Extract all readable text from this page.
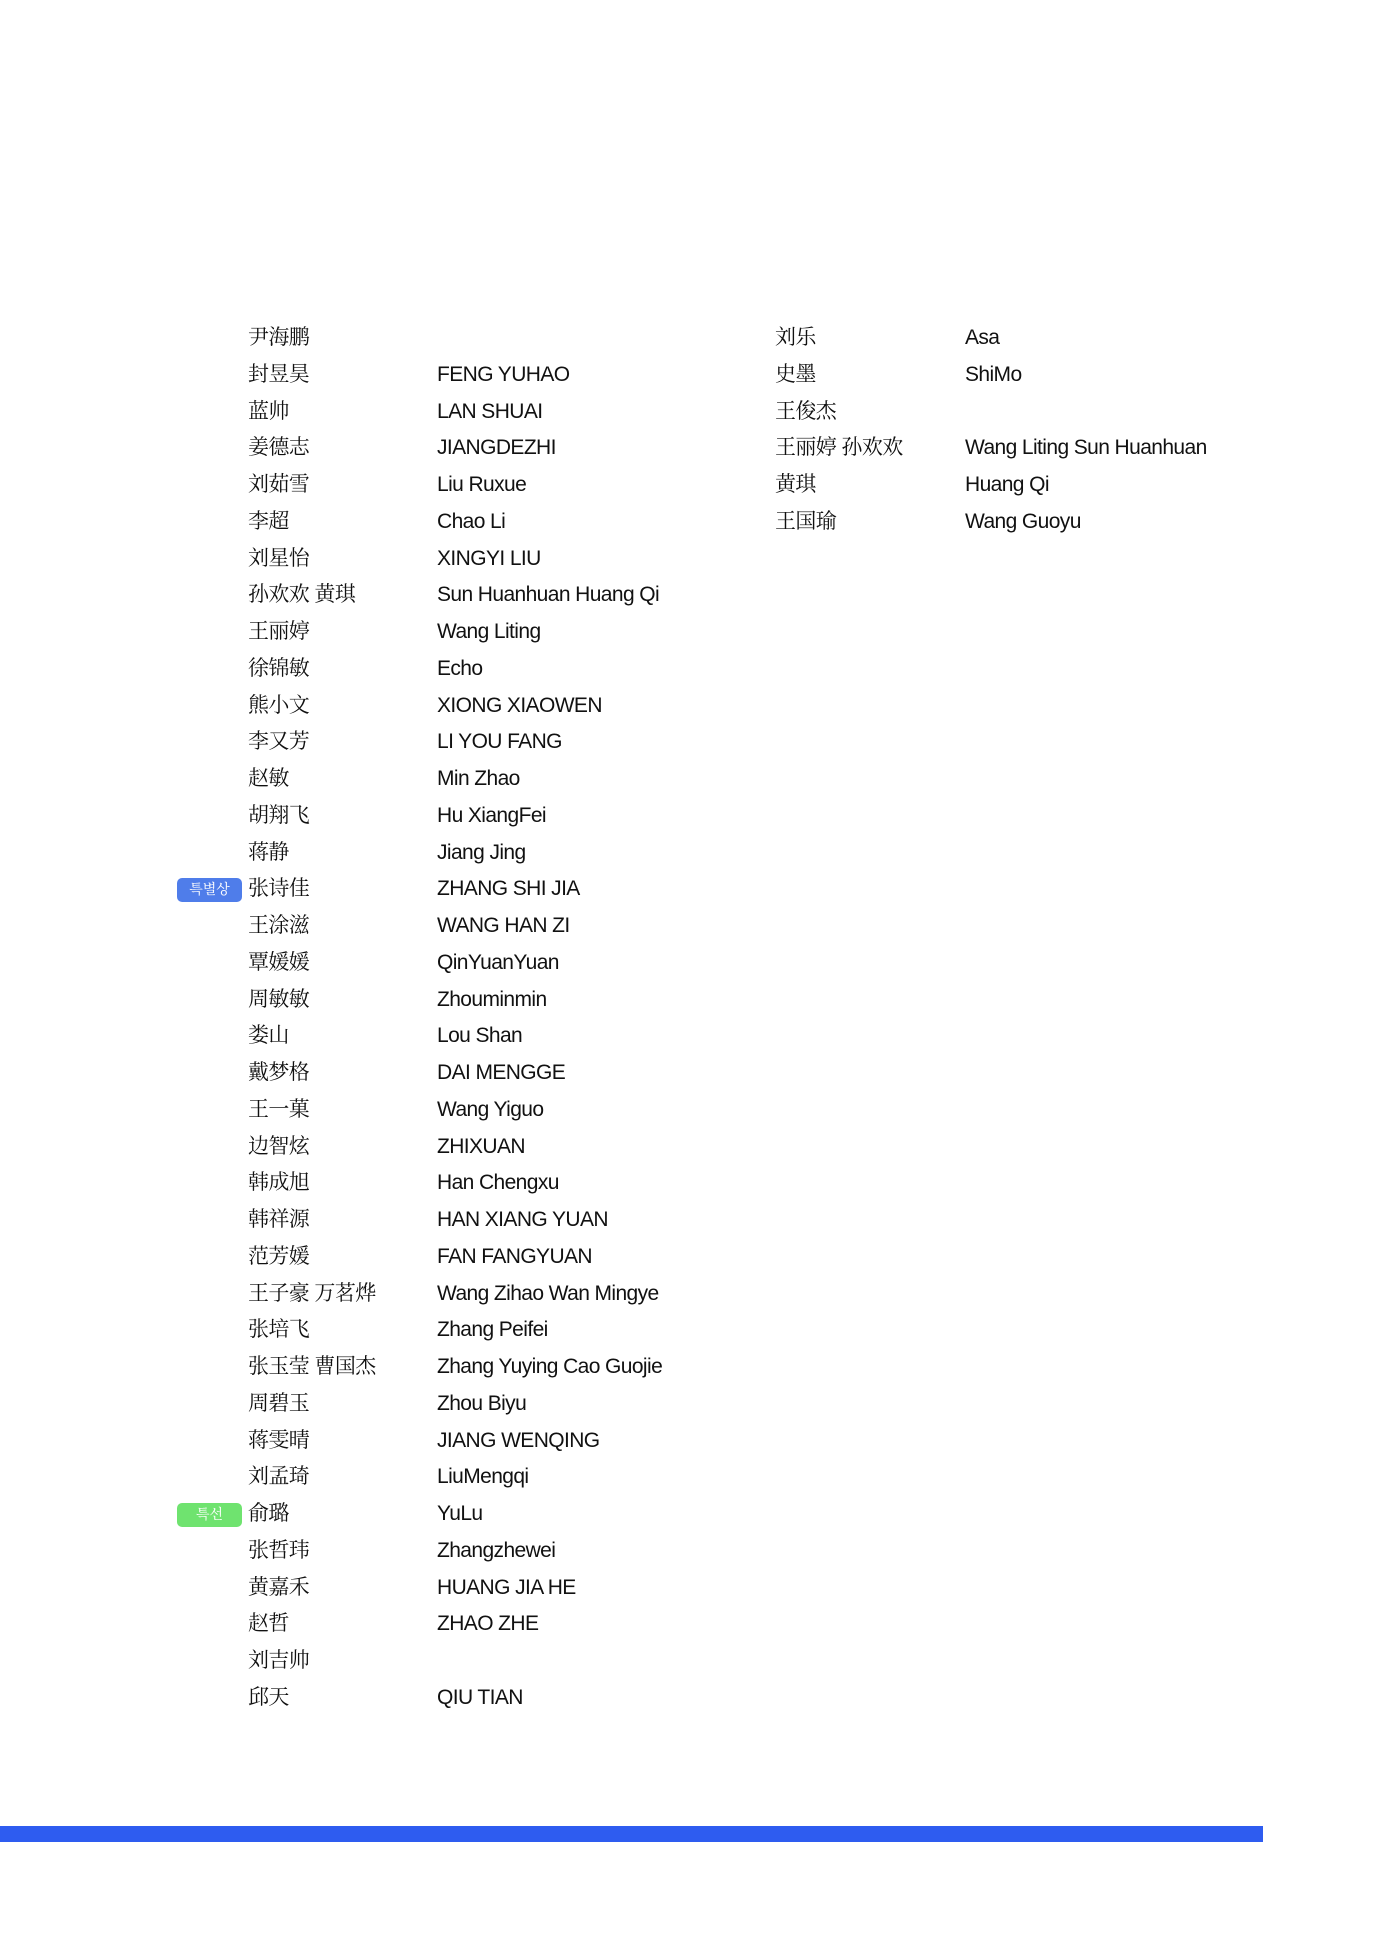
尹海鹏
封昱昊	FENG YUHAO
蓝帅	LAN SHUAI
姜德志	JIANGDEZHI
刘茹雪	Liu Ruxue
李超	Chao Li
刘星怡	XINGYI LIU
孙欢欢 黄琪	Sun Huanhuan Huang Qi
王丽婷	Wang Liting
徐锦敏	Echo
熊小文	XIONG XIAOWEN
李又芳	LI YOU FANG
赵敏	Min Zhao
胡翔飞	Hu XiangFei
蒋静	Jiang Jing
특별상 张诗佳	ZHANG SHI JIA
王涂滋	WANG HAN ZI
覃媛媛	QinYuanYuan
周敏敏	Zhouminmin
娄山	Lou Shan
戴梦格	DAI MENGGE
王一菓	Wang Yiguo
边智炫	ZHIXUAN
韩成旭	Han Chengxu
韩祥源	HAN XIANG YUAN
范芳媛	FAN FANGYUAN
王子豪 万茗烨	Wang Zihao Wan Mingye
张培飞	Zhang Peifei
张玉莹 曹国杰	Zhang Yuying Cao Guojie
周碧玉	Zhou Biyu
蒋雯晴	JIANG WENQING
刘孟琦	LiuMengqi
특선	俞璐	YuLu
张哲玮	Zhangzhewei
黄嘉禾	HUANG JIA HE
赵哲	ZHAO ZHE
刘吉帅
邱天	QIU TIAN
刘乐	Asa
史墨	ShiMo
王俊杰
王丽婷 孙欢欢	Wang Liting Sun Huanhuan
黄琪	Huang Qi
王国瑜	Wang Guoyu
